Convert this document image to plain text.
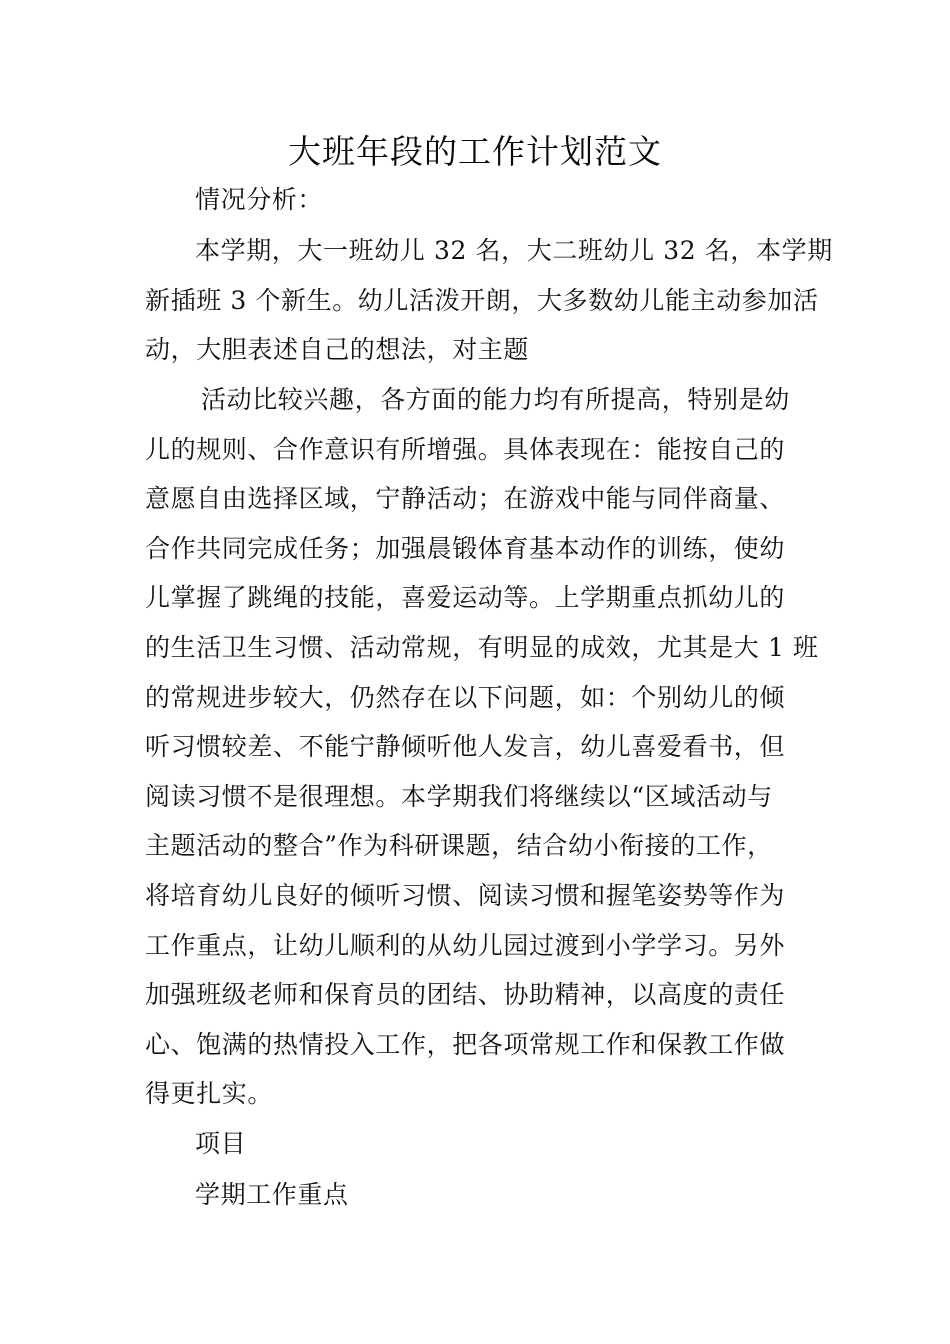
大班年段的工作计划范文
情况分析：
本学期，大一班幼儿 32 名，大二班幼儿 32 名，本学期
新插班 3 个新生。幼儿活泼开朗，大多数幼儿能主动参加活
动，大胆表述自己的想法，对主题
活动比较兴趣，各方面的能力均有所提高，特别是幼
儿的规则、合作意识有所增强。具体表现在：能按自己的
意愿自由选择区域，宁静活动；在游戏中能与同伴商量、
合作共同完成任务；加强晨锻体育基本动作的训练，使幼
儿掌握了跳绳的技能，喜爱运动等。上学期重点抓幼儿的
的生活卫生习惯、活动常规，有明显的成效，尤其是大 1 班
的常规进步较大，仍然存在以下问题，如：个别幼儿的倾
听习惯较差、不能宁静倾听他人发言，幼儿喜爱看书，但
阅读习惯不是很理想。本学期我们将继续以“区域活动与
主题活动的整合”作为科研课题，结合幼小衔接的工作，
将培育幼儿良好的倾听习惯、阅读习惯和握笔姿势等作为
工作重点，让幼儿顺利的从幼儿园过渡到小学学习。另外
加强班级老师和保育员的团结、协助精神，以高度的责任
心、饱满的热情投入工作，把各项常规工作和保教工作做
得更扎实。
项目
学期工作重点
